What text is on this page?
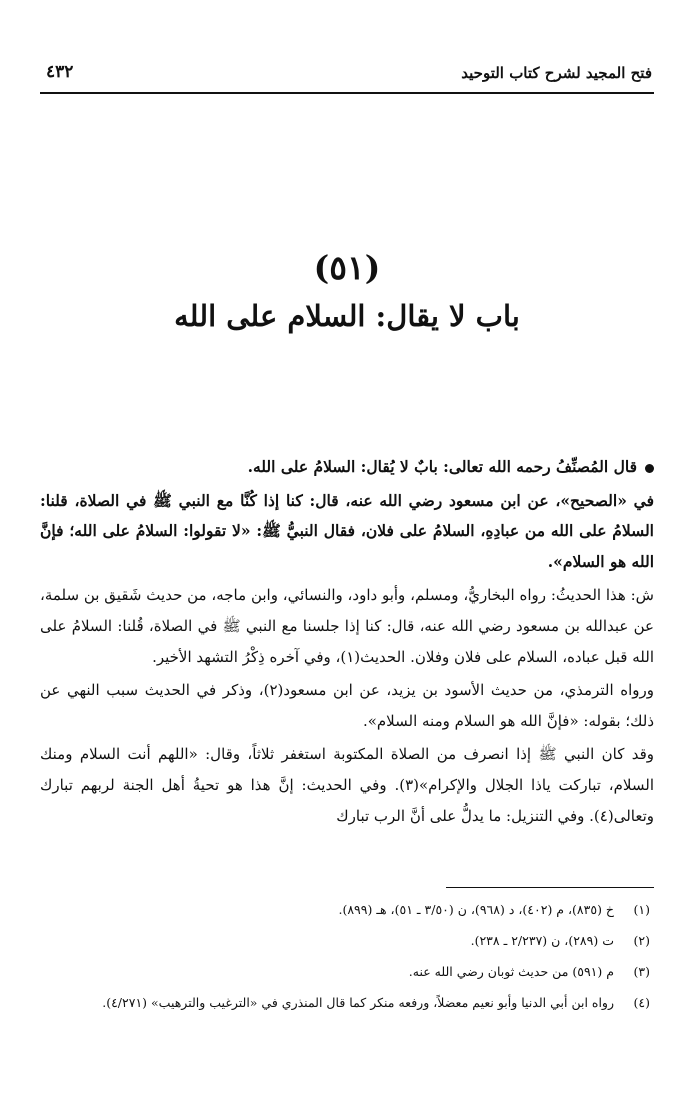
فتح المجيد لشرح كتاب التوحيد
٤٣٢
(٥١)
باب لا يقال: السلام على الله

قال المُصنِّفُ رحمه الله تعالى: بابٌ لا يُقال: السلامُ على الله.

في «الصحيح»، عن ابن مسعود رضي الله عنه، قال: كنا إذا كُنَّا مع النبي ﷺ في الصلاة، قلنا: السلامُ على الله من عبادِهِ، السلامُ على فلان، فقال النبيُّ ﷺ: «لا تقولوا: السلامُ على الله؛ فإنَّ الله هو السلام».

ش: هذا الحديثُ: رواه البخاريُّ، ومسلم، وأبو داود، والنسائي، وابن ماجه، من حديث شَقيق بن سلمة، عن عبدالله بن مسعود رضي الله عنه، قال: كنا إذا جلسنا مع النبي ﷺ في الصلاة، قُلنا: السلامُ على الله قبل عباده، السلام على فلان وفلان. الحديث(١)، وفي آخره ذِكْرُ التشهد الأخير.

ورواه الترمذي، من حديث الأسود بن يزيد، عن ابن مسعود(٢)، وذكر في الحديث سبب النهي عن ذلك؛ بقوله: «فإنَّ الله هو السلام ومنه السلام».

وقد كان النبي ﷺ إذا انصرف من الصلاة المكتوبة استغفر ثلاثاً، وقال: «اللهم أنت السلام ومنك السلام، تباركت ياذا الجلال والإكرام»(٣). وفي الحديث: إنَّ هذا هو تحيةُ أهل الجنة لربهم تبارك وتعالى(٤). وفي التنزيل: ما يدلُّ على أنَّ الرب تبارك

(١)
خ (٨٣٥)، م (٤٠٢)، د (٩٦٨)، ن (٣/٥٠ ـ ٥١)، هـ (٨٩٩).
(٢)
ت (٢٨٩)، ن (٢/٢٣٧ ـ ٢٣٨).
(٣)
م (٥٩١) من حديث ثوبان رضي الله عنه.
(٤)
رواه ابن أبي الدنيا وأبو نعيم معضلاً، ورفعه منكر كما قال المنذري في «الترغيب والترهيب» (٤/٢٧١).
